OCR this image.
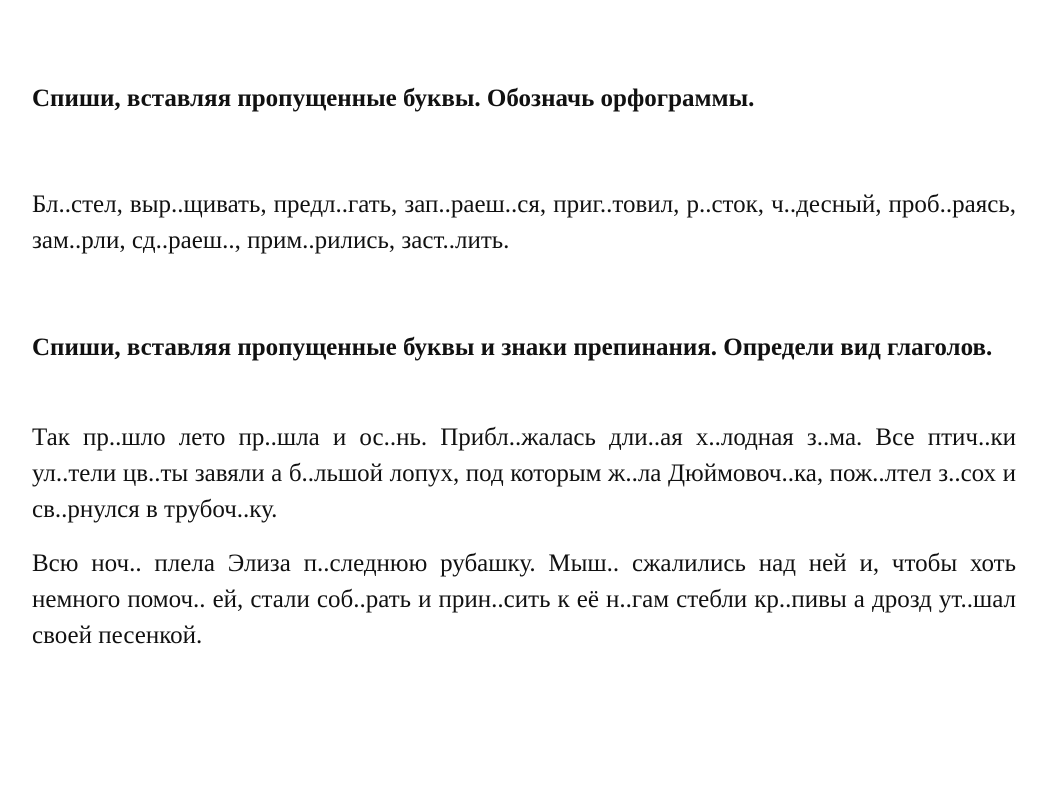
Спиши, вставляя пропущенные буквы. Обозначь орфограммы.

Бл..стел, выр..щивать, предл..гать, зап..раеш..ся, приг..товил, р..сток, ч..десный, проб..раясь, зам..рли, сд..раеш.., прим..рились, заст..лить.

Спиши, вставляя пропущенные буквы и знаки препинания. Определи вид глаголов.

Так пр..шло лето пр..шла и ос..нь. Прибл..жалась дли..ая х..лодная з..ма. Все птич..ки ул..тели цв..ты завяли а б..льшой лопух, под которым ж..ла Дюймовоч..ка, пож..лтел з..сох и св..рнулся в трубоч..ку.

Всю ноч.. плела Элиза п..следнюю рубашку. Мыш.. сжалились над ней и, чтобы хоть немного помоч.. ей, стали соб..рать и прин..сить к её н..гам стебли кр..пивы а дрозд ут..шал своей песенкой.
